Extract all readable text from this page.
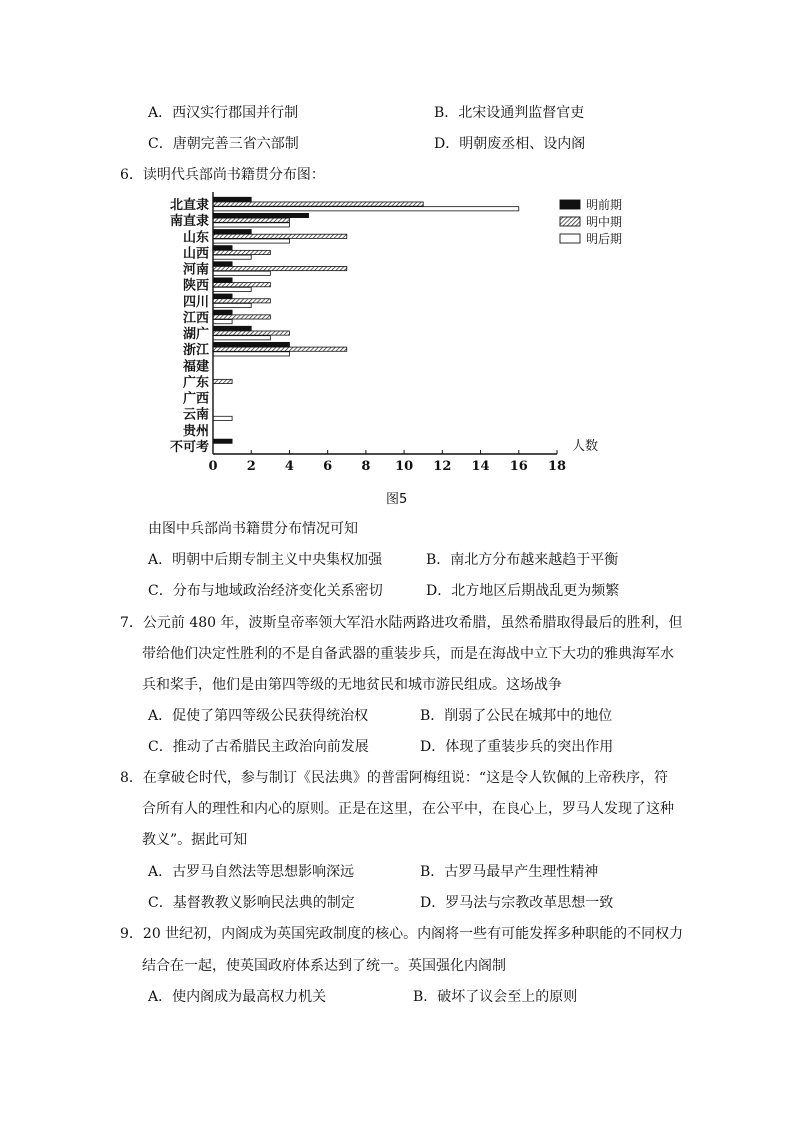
A．西汉实行郡国并行制	B．北宋设通判监督官吏
C．唐朝完善三省六部制	D．明朝废丞相、设内阁
6．读明代兵部尚书籍贯分布图：
北直隶
南直隶
山东
山西
河南
陕西
四川
江西
湖广
浙江
福建
广东
广西
云南
贵州
不可考
0 2 4 6 8 10 12 14 16 18
人数
明前期
明中期
明后期
图5
由图中兵部尚书籍贯分布情况可知
A．明朝中后期专制主义中央集权加强	B．南北方分布越来越趋于平衡
C．分布与地域政治经济变化关系密切	D．北方地区后期战乱更为频繁
7．公元前 480 年，波斯皇帝率领大军沿水陆两路进攻希腊，虽然希腊取得最后的胜利，但
带给他们决定性胜利的不是自备武器的重装步兵，而是在海战中立下大功的雅典海军水
兵和桨手，他们是由第四等级的无地贫民和城市游民组成。这场战争
A．促使了第四等级公民获得统治权	B．削弱了公民在城邦中的地位
C．推动了古希腊民主政治向前发展	D．体现了重装步兵的突出作用
8．在拿破仑时代，参与制订《民法典》的普雷阿梅纽说：“这是令人钦佩的上帝秩序，符
合所有人的理性和内心的原则。正是在这里，在公平中，在良心上，罗马人发现了这种
教义”。据此可知
A．古罗马自然法等思想影响深远	B．古罗马最早产生理性精神
C．基督教教义影响民法典的制定	D．罗马法与宗教改革思想一致
9．20 世纪初，内阁成为英国宪政制度的核心。内阁将一些有可能发挥多种职能的不同权力
结合在一起，使英国政府体系达到了统一。英国强化内阁制
A．使内阁成为最高权力机关	B．破坏了议会至上的原则
